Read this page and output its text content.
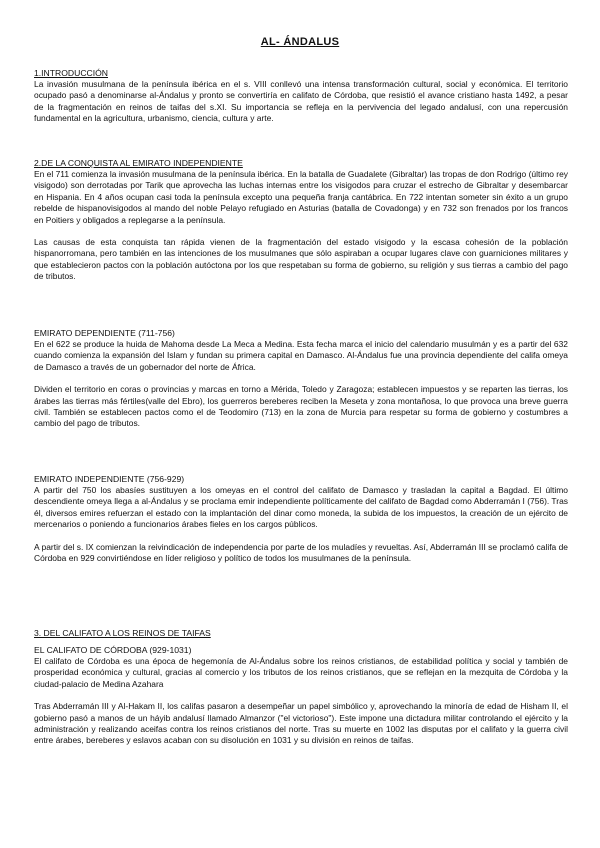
AL- ÁNDALUS
1.INTRODUCCIÓN

La invasión musulmana de la península ibérica en el s. VIII conllevó una intensa transformación cultural, social y económica. El territorio ocupado pasó a denominarse al-Ándalus y pronto se convertiría en califato de Córdoba, que resistió el avance cristiano hasta 1492, a pesar de la fragmentación en reinos de taifas del s.XI. Su importancia se refleja en la pervivencia del legado andalusí, con una repercusión fundamental en la agricultura, urbanismo, ciencia, cultura y arte.

2.DE LA CONQUISTA AL EMIRATO INDEPENDIENTE

En el 711 comienza la invasión musulmana de la península ibérica. En la batalla de Guadalete (Gibraltar) las tropas de don Rodrigo (último rey visigodo) son derrotadas por Tarik que aprovecha las luchas internas entre los visigodos para cruzar el estrecho de Gibraltar y desembarcar en Hispania. En 4 años ocupan casi toda la península excepto una pequeña franja cantábrica. En 722 intentan someter sin éxito a un grupo rebelde de hispanovisigodos al mando del noble Pelayo refugiado en Asturias (batalla de Covadonga) y en 732 son frenados por los francos en Poitiers y obligados a replegarse a la península.

Las causas de esta conquista tan rápida vienen de la fragmentación del estado visigodo y la escasa cohesión de la población hispanorromana, pero también en las intenciones de los musulmanes que sólo aspiraban a ocupar lugares clave con guarniciones militares y que establecieron pactos con la población autóctona por los que respetaban su forma de gobierno, su religión y sus tierras a cambio del pago de tributos.

EMIRATO DEPENDIENTE (711-756)

En el 622 se produce la huida de Mahoma desde La Meca a Medina. Esta fecha marca el inicio del calendario musulmán y es a partir del 632 cuando comienza la expansión del Islam y fundan su primera capital en Damasco. Al-Ándalus fue una provincia dependiente del califa omeya de Damasco a través de un gobernador del norte de África.

Dividen el territorio en coras o provincias y marcas en torno a Mérida, Toledo y Zaragoza; establecen impuestos y se reparten las tierras, los árabes las tierras más fértiles(valle del Ebro), los guerreros bereberes reciben la Meseta y zona montañosa, lo que provoca una breve guerra civil. También se establecen pactos como el de Teodomiro (713) en la zona de Murcia para respetar su forma de gobierno y costumbres a cambio del pago de tributos.

EMIRATO INDEPENDIENTE (756-929)

A partir del 750 los abasíes sustituyen a los omeyas en el control del califato de Damasco y trasladan la capital a Bagdad. El último descendiente omeya llega a al-Ándalus y se proclama emir independiente políticamente del califato de Bagdad como Abderramán I (756). Tras él, diversos emires refuerzan el estado con la implantación del dinar como moneda, la subida de los impuestos, la creación de un ejército de mercenarios o poniendo a funcionarios árabes fieles en los cargos públicos.

A partir del s. IX comienzan la reivindicación de independencia por parte de los muladíes y revueltas. Así, Abderramán III se proclamó califa de Córdoba en 929 convirtiéndose en líder religioso y político de todos los musulmanes de la península.

3. DEL CALIFATO A LOS REINOS DE TAIFAS
EL CALIFATO DE CÓRDOBA (929-1031)

El califato de Córdoba es una época de hegemonía de Al-Ándalus sobre los reinos cristianos, de estabilidad política y social y también de prosperidad económica y cultural, gracias al comercio y los tributos de los reinos cristianos, que se reflejan en la mezquita de Córdoba y la ciudad-palacio de Medina Azahara

Tras Abderramán III y Al-Hakam II, los califas pasaron a desempeñar un papel simbólico y, aprovechando la minoría de edad de Hisham II, el gobierno pasó a manos de un háyib andalusí llamado Almanzor ("el victorioso"). Este impone una dictadura militar controlando el ejército y la administración y realizando aceifas contra los reinos cristianos del norte. Tras su muerte en 1002 las disputas por el califato y la guerra civil entre árabes, bereberes y eslavos acaban con su disolución en 1031 y su división en reinos de taifas.
